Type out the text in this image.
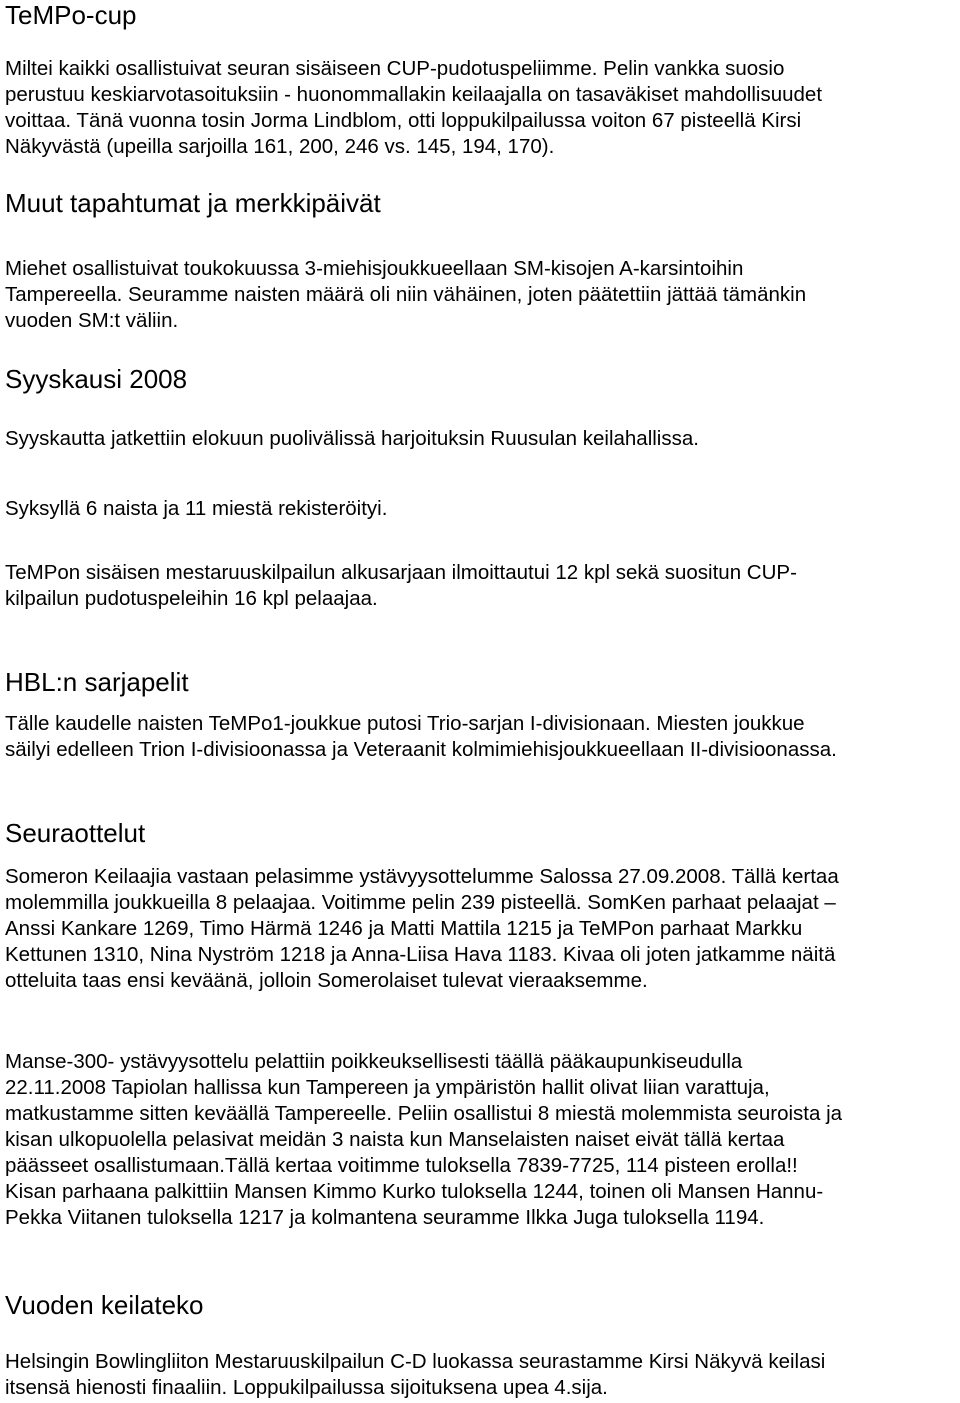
TeMPo-cup

Miltei kaikki osallistuivat seuran sisäiseen CUP-pudotuspeliimme. Pelin vankka suosio
perustuu keskiarvotasoituksiin - huonommallakin keilaajalla on tasaväkiset mahdollisuudet
voittaa. Tänä vuonna tosin Jorma Lindblom, otti loppukilpailussa voiton 67 pisteellä Kirsi
Näkyvästä (upeilla sarjoilla 161, 200, 246 vs. 145, 194, 170).

Muut tapahtumat ja merkkipäivät

Miehet osallistuivat toukokuussa 3-miehisjoukkueellaan SM-kisojen A-karsintoihin
Tampereella. Seuramme naisten määrä oli niin vähäinen, joten päätettiin jättää tämänkin
vuoden SM:t väliin.

Syyskausi 2008

Syyskautta jatkettiin elokuun puolivälissä harjoituksin Ruusulan keilahallissa.

Syksyllä 6 naista ja 11 miestä rekisteröityi.

TeMPon sisäisen mestaruuskilpailun alkusarjaan ilmoittautui 12 kpl sekä suositun CUP-
kilpailun pudotuspeleihin 16 kpl pelaajaa.

HBL:n sarjapelit

Tälle kaudelle naisten TeMPo1-joukkue putosi Trio-sarjan I-divisionaan. Miesten joukkue
säilyi edelleen Trion I-divisioonassa ja Veteraanit kolmimiehisjoukkueellaan II-divisioonassa.

Seuraottelut

Someron Keilaajia vastaan pelasimme ystävyysottelumme Salossa 27.09.2008. Tällä kertaa
molemmilla joukkueilla 8 pelaajaa. Voitimme pelin 239 pisteellä. SomKen parhaat pelaajat –
Anssi Kankare 1269, Timo Härmä 1246 ja Matti Mattila 1215 ja TeMPon parhaat Markku
Kettunen 1310, Nina Nyström 1218 ja Anna-Liisa Hava 1183. Kivaa oli joten jatkamme näitä
otteluita taas ensi keväänä, jolloin Somerolaiset tulevat vieraaksemme.

Manse-300- ystävyysottelu pelattiin poikkeuksellisesti täällä pääkaupunkiseudulla
22.11.2008 Tapiolan hallissa kun Tampereen ja ympäristön hallit olivat liian varattuja,
matkustamme sitten keväällä Tampereelle. Peliin osallistui 8 miestä molemmista seuroista ja
kisan ulkopuolella pelasivat meidän 3 naista kun Manselaisten naiset eivät tällä kertaa
päässeet osallistumaan.Tällä kertaa voitimme tuloksella 7839-7725, 114 pisteen erolla!!
Kisan parhaana palkittiin Mansen Kimmo Kurko tuloksella 1244, toinen oli Mansen Hannu-
Pekka Viitanen tuloksella 1217 ja kolmantena seuramme Ilkka Juga tuloksella 1194.

Vuoden keilateko

Helsingin Bowlingliiton Mestaruuskilpailun C-D luokassa seurastamme Kirsi Näkyvä keilasi
itsensä hienosti finaaliin. Loppukilpailussa sijoituksena upea 4.sija.
